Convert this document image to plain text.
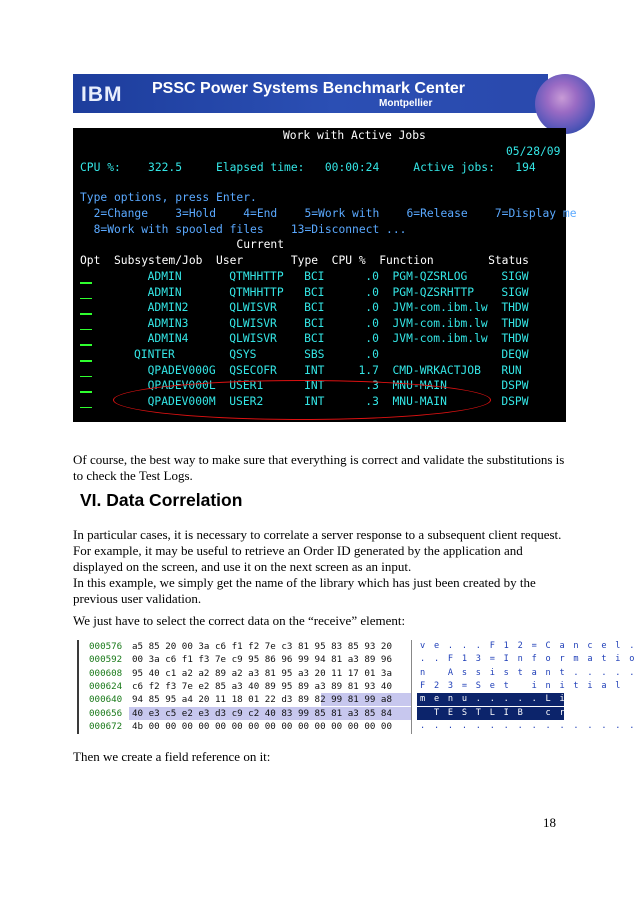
IBM PSSC Power Systems Benchmark Center
Montpellier
Work with Active Jobs
05/28/09
CPU %:    322.5     Elapsed time:   00:00:24     Active jobs:   194
Type options, press Enter.
2=Change    3=Hold    4=End    5=Work with    6=Release    7=Display me
8=Work with spooled files    13=Disconnect ...
Current
Opt  Subsystem/Job  User       Type  CPU %  Function        Status
ADMIN       QTMHHTTP   BCI      .0  PGM-QZSRLOG     SIGW
ADMIN       QTMHHTTP   BCI      .0  PGM-QZSRHTTP    SIGW
ADMIN2      QLWISVR    BCI      .0  JVM-com.ibm.lw  THDW
ADMIN3      QLWISVR    BCI      .0  JVM-com.ibm.lw  THDW
ADMIN4      QLWISVR    BCI      .0  JVM-com.ibm.lw  THDW
QINTER        QSYS       SBS      .0	DEQW
QPADEV000G  QSECOFR    INT     1.7  CMD-WRKACTJOB   RUN
QPADEV000L  USER1      INT      .3  MNU-MAIN        DSPW
QPADEV000M  USER2      INT      .3  MNU-MAIN        DSPW
Of course, the best way to make sure that everything is correct and validate the substitutions is to check the Test Logs.
VI. Data Correlation
In particular cases, it is necessary to correlate a server response to a subsequent client request. For example, it may be useful to retrieve an Order ID generated by the application and displayed on the screen, and use it on the next screen as an input.
In this example, we simply get the name of the library which has just been created by the previous user validation.
We just have to select the correct data on the “receive” element:
000576 a5 85 20 00 3a c6 f1 f2 7e c3 81 95 83 85 93 20	v e . . . F 1 2 = C a n c e l .
000592 00 3a c6 f1 f3 7e c9 95 86 96 99 94 81 a3 89 96	. . F 1 3 = I n f o r m a t i o
000608 95 40 c1 a2 a2 89 a2 a3 81 95 a3 20 11 17 01 3a	n   A s s i s t a n t . . . . .
000624 c6 f2 f3 7e e2 85 a3 40 89 95 89 a3 89 81 93 40	F 2 3 = S e t   i n i t i a l
000640 94 85 95 a4 20 11 18 01 22 d3 89 82 99 81 99 a8	m e n u . . . . . L i b r a r y
000656 40 e3 c5 e2 e3 d3 c9 c2 40 83 99 85 81 a3 85 84	T E S T L I B   c r e a t e d
000672 4b 00 00 00 00 00 00 00 00 00 00 00 00 00 00 00	. . . . . . . . . . . . . . . .
Then we create a field reference on it:
18
